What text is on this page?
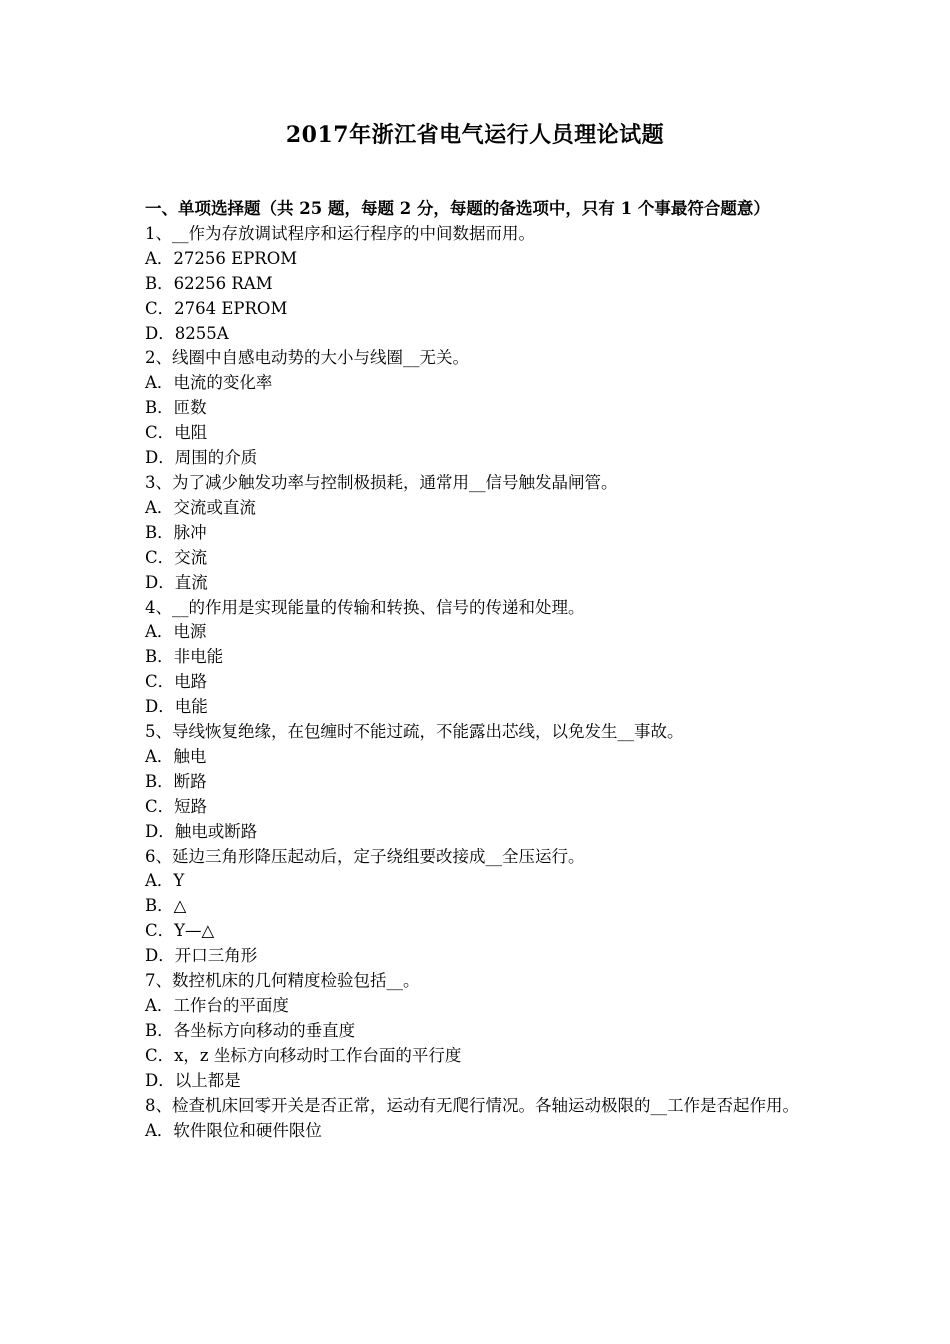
2017年浙江省电气运行人员理论试题

一、单项选择题（共 25 题，每题 2 分，每题的备选项中，只有 1 个事最符合题意）

1、__作为存放调试程序和运行程序的中间数据而用。

A．27256 EPROM

B．62256 RAM

C．2764 EPROM

D．8255A

2、线圈中自感电动势的大小与线圈__无关。

A．电流的变化率

B．匝数

C．电阻

D．周围的介质

3、为了减少触发功率与控制极损耗，通常用__信号触发晶闸管。

A．交流或直流

B．脉冲

C．交流

D．直流

4、__的作用是实现能量的传输和转换、信号的传递和处理。

A．电源

B．非电能

C．电路

D．电能

5、导线恢复绝缘，在包缠时不能过疏，不能露出芯线，以免发生__事故。

A．触电

B．断路

C．短路

D．触电或断路

6、延边三角形降压起动后，定子绕组要改接成__全压运行。

A．Y

B．△

C．Y—△

D．开口三角形

7、数控机床的几何精度检验包括__。

A．工作台的平面度

B．各坐标方向移动的垂直度

C．x，z 坐标方向移动时工作台面的平行度

D．以上都是

8、检查机床回零开关是否正常，运动有无爬行情况。各轴运动极限的__工作是否起作用。

A．软件限位和硬件限位
